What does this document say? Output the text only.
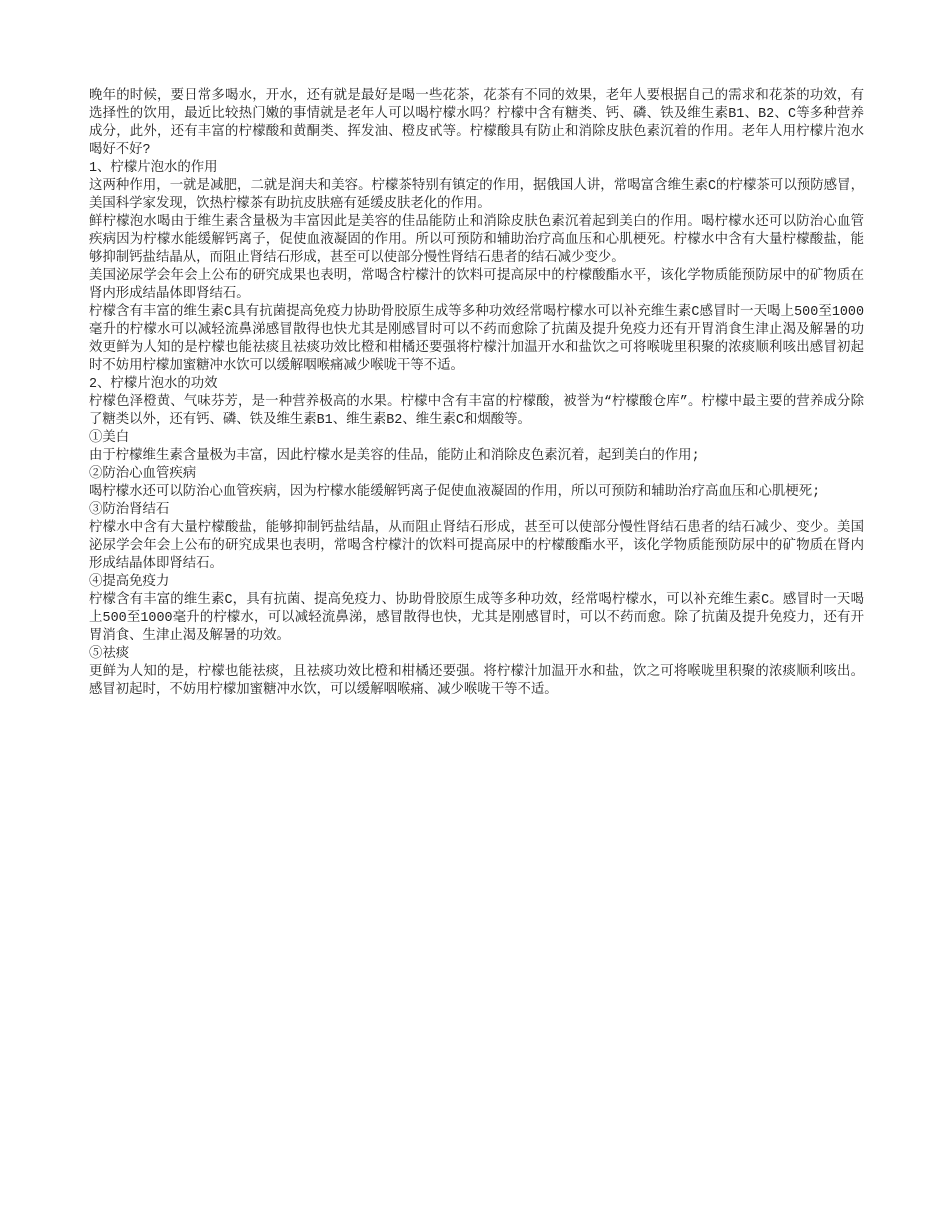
晚年的时候，要日常多喝水，开水，还有就是最好是喝一些花茶，花茶有不同的效果，老年人要根据自己的需求和花茶的功效，有选择性的饮用，最近比较热门嫩的事情就是老年人可以喝柠檬水吗？柠檬中含有糖类、钙、磷、铁及维生素B1、B2、C等多种营养成分，此外，还有丰富的柠檬酸和黄酮类、挥发油、橙皮甙等。柠檬酸具有防止和消除皮肤色素沉着的作用。老年人用柠檬片泡水喝好不好?

1、柠檬片泡水的作用

这两种作用，一就是减肥，二就是润夫和美容。柠檬茶特别有镇定的作用，据俄国人讲，常喝富含维生素C的柠檬茶可以预防感冒，美国科学家发现，饮热柠檬茶有助抗皮肤癌有延缓皮肤老化的作用。

鲜柠檬泡水喝由于维生素含量极为丰富因此是美容的佳品能防止和消除皮肤色素沉着起到美白的作用。喝柠檬水还可以防治心血管疾病因为柠檬水能缓解钙离子，促使血液凝固的作用。所以可预防和辅助治疗高血压和心肌梗死。柠檬水中含有大量柠檬酸盐，能够抑制钙盐结晶从，而阻止肾结石形成，甚至可以使部分慢性肾结石患者的结石减少变少。

美国泌尿学会年会上公布的研究成果也表明，常喝含柠檬汁的饮料可提高尿中的柠檬酸酯水平，该化学物质能预防尿中的矿物质在肾内形成结晶体即肾结石。

柠檬含有丰富的维生素C具有抗菌提高免疫力协助骨胶原生成等多种功效经常喝柠檬水可以补充维生素C感冒时一天喝上500至1000毫升的柠檬水可以减轻流鼻涕感冒散得也快尤其是刚感冒时可以不药而愈除了抗菌及提升免疫力还有开胃消食生津止渴及解暑的功效更鲜为人知的是柠檬也能祛痰且祛痰功效比橙和柑橘还要强将柠檬汁加温开水和盐饮之可将喉咙里积聚的浓痰顺利咳出感冒初起时不妨用柠檬加蜜糖冲水饮可以缓解咽喉痛减少喉咙干等不适。

2、柠檬片泡水的功效

柠檬色泽橙黄、气味芬芳，是一种营养极高的水果。柠檬中含有丰富的柠檬酸，被誉为“柠檬酸仓库”。柠檬中最主要的营养成分除了糖类以外，还有钙、磷、铁及维生素B1、维生素B2、维生素C和烟酸等。

①美白

由于柠檬维生素含量极为丰富，因此柠檬水是美容的佳品，能防止和消除皮色素沉着，起到美白的作用;

②防治心血管疾病

喝柠檬水还可以防治心血管疾病，因为柠檬水能缓解钙离子促使血液凝固的作用，所以可预防和辅助治疗高血压和心肌梗死;

③防治肾结石

柠檬水中含有大量柠檬酸盐，能够抑制钙盐结晶，从而阻止肾结石形成，甚至可以使部分慢性肾结石患者的结石减少、变少。美国泌尿学会年会上公布的研究成果也表明，常喝含柠檬汁的饮料可提高尿中的柠檬酸酯水平，该化学物质能预防尿中的矿物质在肾内形成结晶体即肾结石。

④提高免疫力

柠檬含有丰富的维生素C，具有抗菌、提高免疫力、协助骨胶原生成等多种功效，经常喝柠檬水，可以补充维生素C。感冒时一天喝上500至1000毫升的柠檬水，可以减轻流鼻涕，感冒散得也快，尤其是刚感冒时，可以不药而愈。除了抗菌及提升免疫力，还有开胃消食、生津止渴及解暑的功效。

⑤祛痰

更鲜为人知的是，柠檬也能祛痰，且祛痰功效比橙和柑橘还要强。将柠檬汁加温开水和盐，饮之可将喉咙里积聚的浓痰顺利咳出。感冒初起时，不妨用柠檬加蜜糖冲水饮，可以缓解咽喉痛、减少喉咙干等不适。
